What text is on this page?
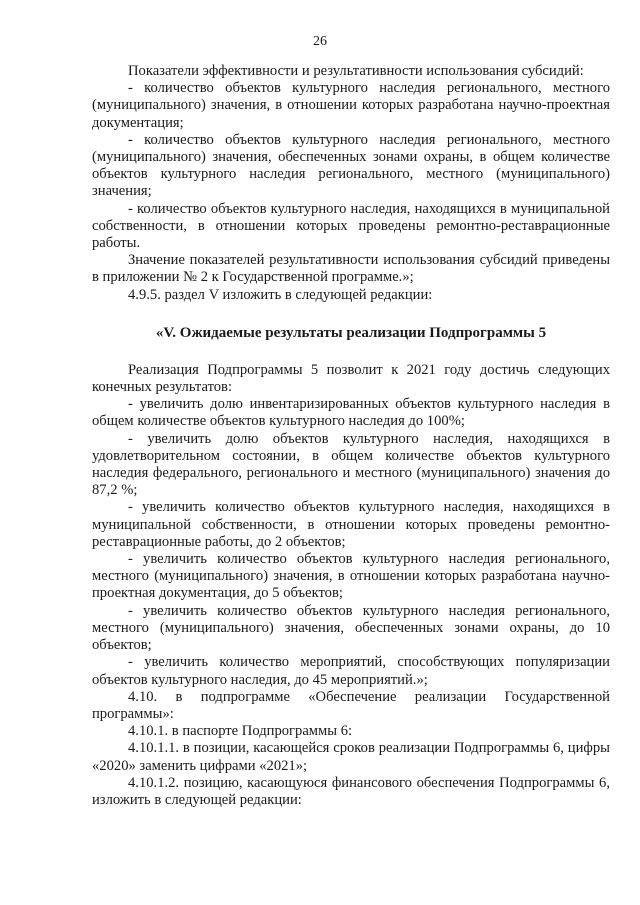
26

Показатели эффективности и результативности использования субсидий:

- количество объектов культурного наследия регионального, местного (муниципального) значения, в отношении которых разработана научно-проектная документация;

- количество объектов культурного наследия регионального, местного (муниципального) значения, обеспеченных зонами охраны, в общем количестве объектов культурного наследия регионального, местного (муниципального) значения;

- количество объектов культурного наследия, находящихся в муниципальной собственности, в отношении которых проведены ремонтно-реставрационные работы.

Значение показателей результативности использования субсидий приведены в приложении № 2 к Государственной программе.»;

4.9.5. раздел V изложить в следующей редакции:

«V. Ожидаемые результаты реализации Подпрограммы 5

Реализация Подпрограммы 5 позволит к 2021 году достичь следующих конечных результатов:

- увеличить долю инвентаризированных объектов культурного наследия в общем количестве объектов культурного наследия до 100%;

- увеличить долю объектов культурного наследия, находящихся в удовлетворительном состоянии, в общем количестве объектов культурного наследия федерального, регионального и местного (муниципального) значения до 87,2 %;

- увеличить количество объектов культурного наследия, находящихся в муниципальной собственности, в отношении которых проведены ремонтно-реставрационные работы, до 2 объектов;

- увеличить количество объектов культурного наследия регионального, местного (муниципального) значения, в отношении которых разработана научно-проектная документация, до 5 объектов;

- увеличить количество объектов культурного наследия регионального, местного (муниципального) значения, обеспеченных зонами охраны, до 10 объектов;

- увеличить количество мероприятий, способствующих популяризации объектов культурного наследия, до 45 мероприятий.»;

4.10. в подпрограмме «Обеспечение реализации Государственной программы»:

4.10.1. в паспорте Подпрограммы 6:

4.10.1.1. в позиции, касающейся сроков реализации Подпрограммы 6, цифры «2020» заменить цифрами «2021»;

4.10.1.2. позицию, касающуюся финансового обеспечения Подпрограммы 6, изложить в следующей редакции:
